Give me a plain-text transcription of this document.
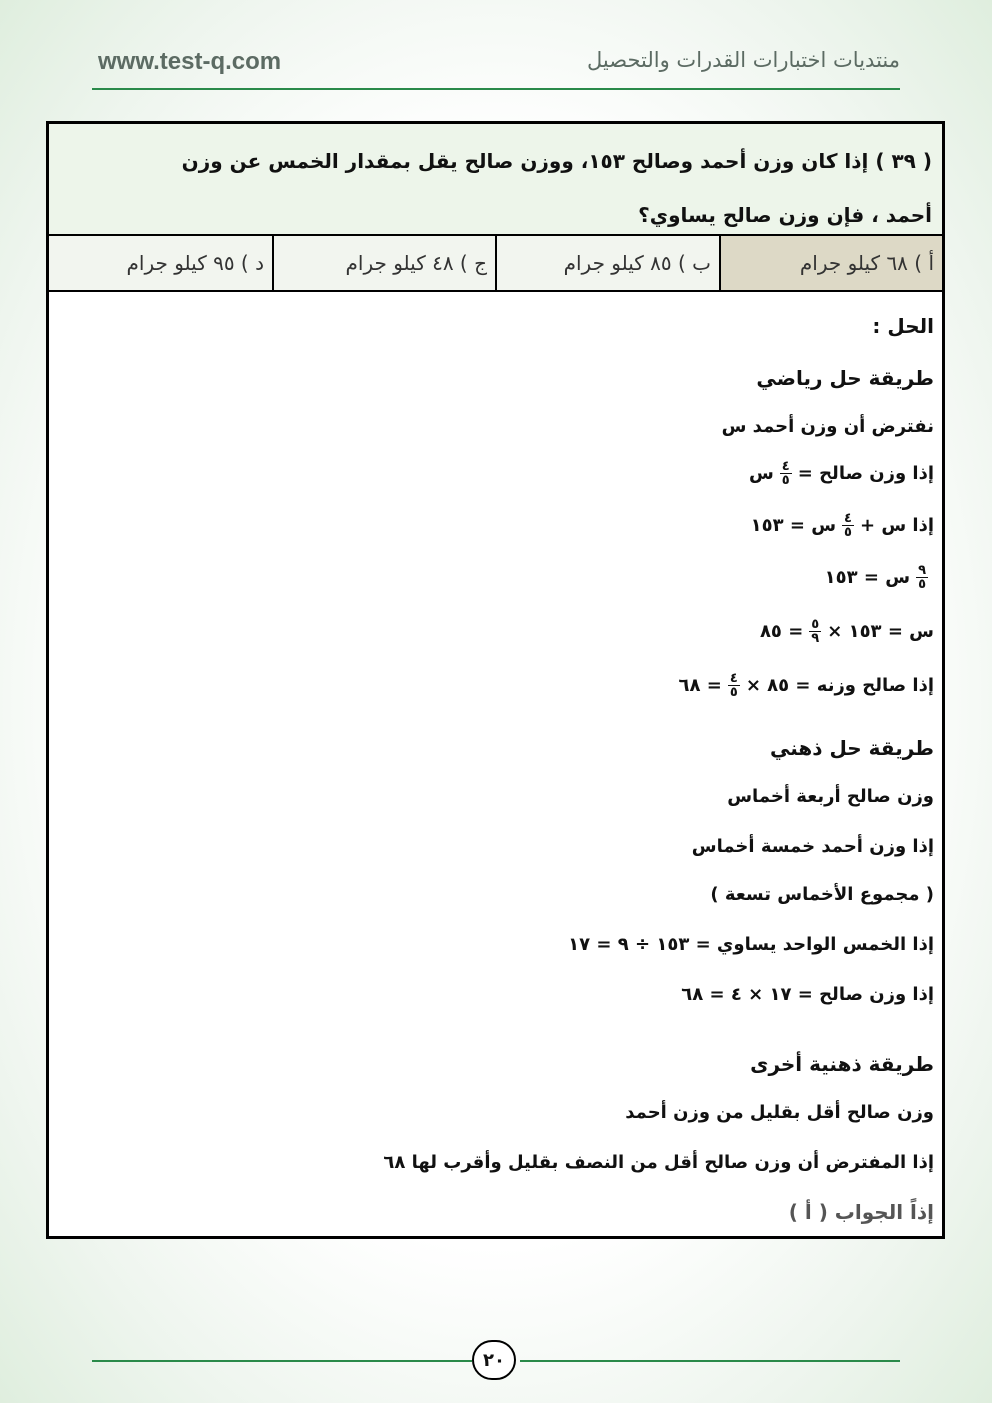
www.test-q.com	منتديات اختبارات القدرات والتحصيل
( ٣٩ ) إذا كان وزن أحمد وصالح ١٥٣، ووزن صالح يقل بمقدار الخمس عن وزن
أحمد ، فإن وزن صالح يساوي؟
أ ) ٦٨ كيلو جرام
ب ) ٨٥ كيلو جرام
ج ) ٤٨ كيلو جرام
د ) ٩٥ كيلو جرام
الحل :
طريقة حل رياضي
نفترض أن وزن أحمد س
إذا وزن صالح =
$\frac{٤}{٥}$
س
إذا س +
$\frac{٤}{٥}$
س = ١٥٣
$\frac{٩}{٥}$
س = ١٥٣
س = ١٥٣ ×
$\frac{٥}{٩}$
= ٨٥
إذا صالح وزنه = ٨٥ ×
$\frac{٤}{٥}$
= ٦٨
طريقة حل ذهني
وزن صالح أربعة أخماس
إذا وزن أحمد خمسة أخماس
( مجموع الأخماس تسعة )
إذا الخمس الواحد يساوي = ١٥٣ ÷ ٩ = ١٧
إذا وزن صالح = ١٧ × ٤ = ٦٨
طريقة ذهنية أخرى
وزن صالح أقل بقليل من وزن أحمد
إذا المفترض أن وزن صالح أقل من النصف بقليل وأقرب لها ٦٨
إذاً الجواب ( أ )
٢٠
